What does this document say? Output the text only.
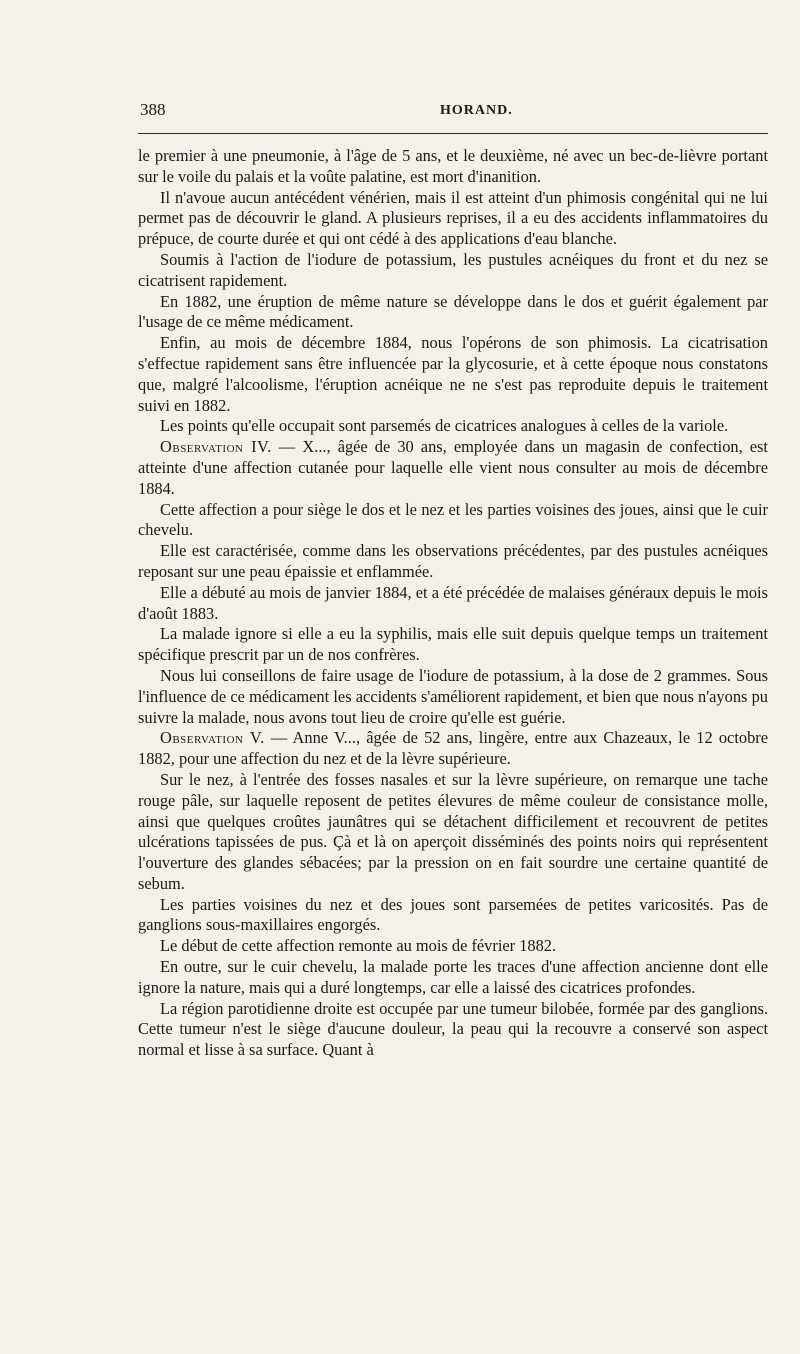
388	HORAND.

le premier à une pneumonie, à l'âge de 5 ans, et le deuxième, né avec un bec-de-lièvre portant sur le voile du palais et la voûte palatine, est mort d'inanition.

Il n'avoue aucun antécédent vénérien, mais il est atteint d'un phimosis congénital qui ne lui permet pas de découvrir le gland. A plusieurs reprises, il a eu des accidents inflammatoires du prépuce, de courte durée et qui ont cédé à des applications d'eau blanche.

Soumis à l'action de l'iodure de potassium, les pustules acnéiques du front et du nez se cicatrisent rapidement.

En 1882, une éruption de même nature se développe dans le dos et guérit également par l'usage de ce même médicament.

Enfin, au mois de décembre 1884, nous l'opérons de son phimosis. La cicatrisation s'effectue rapidement sans être influencée par la glycosurie, et à cette époque nous constatons que, malgré l'alcoolisme, l'éruption acnéique ne ne s'est pas reproduite depuis le traitement suivi en 1882.

Les points qu'elle occupait sont parsemés de cicatrices analogues à celles de la variole.

Observation IV. — X..., âgée de 30 ans, employée dans un magasin de confection, est atteinte d'une affection cutanée pour laquelle elle vient nous consulter au mois de décembre 1884.

Cette affection a pour siège le dos et le nez et les parties voisines des joues, ainsi que le cuir chevelu.

Elle est caractérisée, comme dans les observations précédentes, par des pustules acnéiques reposant sur une peau épaissie et enflammée.

Elle a débuté au mois de janvier 1884, et a été précédée de malaises généraux depuis le mois d'août 1883.

La malade ignore si elle a eu la syphilis, mais elle suit depuis quelque temps un traitement spécifique prescrit par un de nos confrères.

Nous lui conseillons de faire usage de l'iodure de potassium, à la dose de 2 grammes. Sous l'influence de ce médicament les accidents s'améliorent rapidement, et bien que nous n'ayons pu suivre la malade, nous avons tout lieu de croire qu'elle est guérie.

Observation V. — Anne V..., âgée de 52 ans, lingère, entre aux Chazeaux, le 12 octobre 1882, pour une affection du nez et de la lèvre supérieure.

Sur le nez, à l'entrée des fosses nasales et sur la lèvre supérieure, on remarque une tache rouge pâle, sur laquelle reposent de petites élevures de même couleur de consistance molle, ainsi que quelques croûtes jaunâtres qui se détachent difficilement et recouvrent de petites ulcérations tapissées de pus. Çà et là on aperçoit disséminés des points noirs qui représentent l'ouverture des glandes sébacées; par la pression on en fait sourdre une certaine quantité de sebum.

Les parties voisines du nez et des joues sont parsemées de petites varicosités. Pas de ganglions sous-maxillaires engorgés.

Le début de cette affection remonte au mois de février 1882.

En outre, sur le cuir chevelu, la malade porte les traces d'une affection ancienne dont elle ignore la nature, mais qui a duré longtemps, car elle a laissé des cicatrices profondes.

La région parotidienne droite est occupée par une tumeur bilobée, formée par des ganglions. Cette tumeur n'est le siège d'aucune douleur, la peau qui la recouvre a conservé son aspect normal et lisse à sa surface. Quant à
